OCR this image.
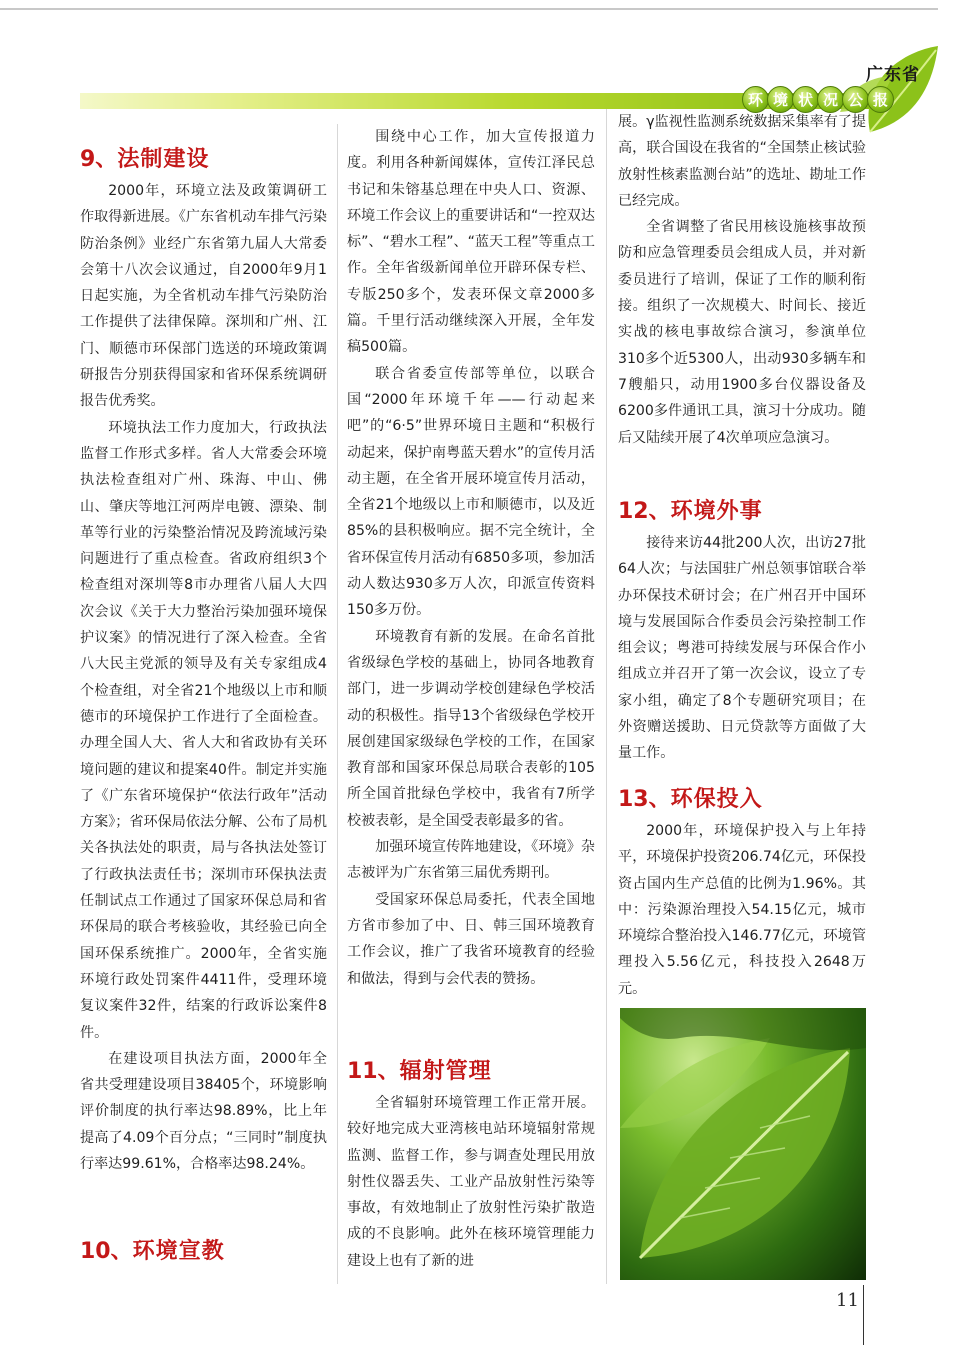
广东省
环 境 状 况 公 报
9、法制建设

2000年，环境立法及政策调研工作取得新进展。《广东省机动车排气污染防治条例》业经广东省第九届人大常委会第十八次会议通过，自2000年9月1日起实施，为全省机动车排气污染防治工作提供了法律保障。深圳和广州、江门、顺德市环保部门选送的环境政策调研报告分别获得国家和省环保系统调研报告优秀奖。

环境执法工作力度加大，行政执法监督工作形式多样。省人大常委会环境执法检查组对广州、珠海、中山、佛山、肇庆等地江河两岸电镀、漂染、制革等行业的污染整治情况及跨流域污染问题进行了重点检查。省政府组织3个检查组对深圳等8市办理省八届人大四次会议《关于大力整治污染加强环境保护议案》的情况进行了深入检查。全省八大民主党派的领导及有关专家组成4个检查组，对全省21个地级以上市和顺德市的环境保护工作进行了全面检查。办理全国人大、省人大和省政协有关环境问题的建议和提案40件。制定并实施了《广东省环境保护“依法行政年”活动方案》；省环保局依法分解、公布了局机关各执法处的职责，局与各执法处签订了行政执法责任书；深圳市环保执法责任制试点工作通过了国家环保总局和省环保局的联合考核验收，其经验已向全国环保系统推广。2000年，全省实施环境行政处罚案件4411件，受理环境复议案件32件，结案的行政诉讼案件8件。

在建设项目执法方面，2000年全省共受理建设项目38405个，环境影响评价制度的执行率达98.89%，比上年提高了4.09个百分点；“三同时”制度执行率达99.61%，合格率达98.24%。

10、环境宣教

围绕中心工作，加大宣传报道力度。利用各种新闻媒体，宣传江泽民总书记和朱镕基总理在中央人口、资源、环境工作会议上的重要讲话和“一控双达标”、“碧水工程”、“蓝天工程”等重点工作。全年省级新闻单位开辟环保专栏、专版250多个，发表环保文章2000多篇。千里行活动继续深入开展，全年发稿500篇。

联合省委宣传部等单位，以联合国“2000年环境千年——行动起来吧”的“6·5”世界环境日主题和“积极行动起来，保护南粤蓝天碧水”的宣传月活动主题，在全省开展环境宣传月活动，全省21个地级以上市和顺德市，以及近85%的县积极响应。据不完全统计，全省环保宣传月活动有6850多项，参加活动人数达930多万人次，印派宣传资料150多万份。

环境教育有新的发展。在命名首批省级绿色学校的基础上，协同各地教育部门，进一步调动学校创建绿色学校活动的积极性。指导13个省级绿色学校开展创建国家级绿色学校的工作，在国家教育部和国家环保总局联合表彰的105所全国首批绿色学校中，我省有7所学校被表彰，是全国受表彰最多的省。

加强环境宣传阵地建设，《环境》杂志被评为广东省第三届优秀期刊。

受国家环保总局委托，代表全国地方省市参加了中、日、韩三国环境教育工作会议，推广了我省环境教育的经验和做法，得到与会代表的赞扬。

11、辐射管理

全省辐射环境管理工作正常开展。较好地完成大亚湾核电站环境辐射常规监测、监督工作，参与调查处理民用放射性仪器丢失、工业产品放射性污染等事故，有效地制止了放射性污染扩散造成的不良影响。此外在核环境管理能力建设上也有了新的进

展。γ监视性监测系统数据采集率有了提高，联合国设在我省的“全国禁止核试验放射性核素监测台站”的选址、勘址工作已经完成。

全省调整了省民用核设施核事故预防和应急管理委员会组成人员，并对新委员进行了培训，保证了工作的顺利衔接。组织了一次规模大、时间长、接近实战的核电事故综合演习，参演单位310多个近5300人，出动930多辆车和7艘船只，动用1900多台仪器设备及6200多件通讯工具，演习十分成功。随后又陆续开展了4次单项应急演习。

12、环境外事

接待来访44批200人次，出访27批64人次；与法国驻广州总领事馆联合举办环保技术研讨会；在广州召开中国环境与发展国际合作委员会污染控制工作组会议；粤港可持续发展与环保合作小组成立并召开了第一次会议，设立了专家小组，确定了8个专题研究项目；在外资赠送援助、日元贷款等方面做了大量工作。

13、环保投入

2000年，环境保护投入与上年持平，环境保护投资206.74亿元，环保投资占国内生产总值的比例为1.96%。其中：污染源治理投入54.15亿元，城市环境综合整治投入146.77亿元，环境管理投入5.56亿元，科技投入2648万元。

11
